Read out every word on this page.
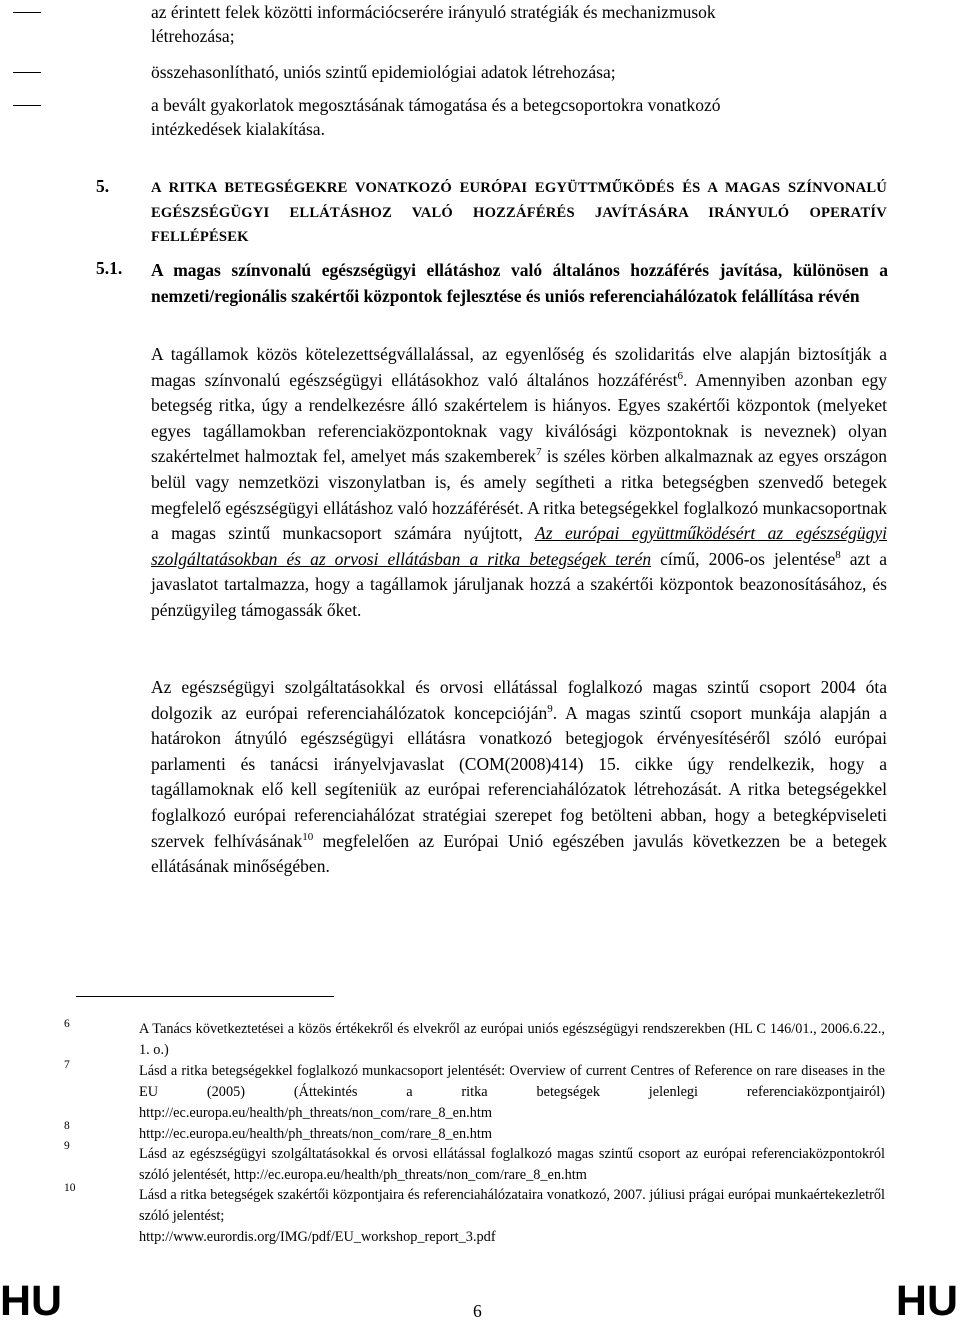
az érintett felek közötti információcserére irányuló stratégiák és mechanizmusok
létrehozása;
összehasonlítható, uniós szintű epidemiológiai adatok létrehozása;
a bevált gyakorlatok megosztásának támogatása és a betegcsoportokra vonatkozó
intézkedések kialakítása.
5.	A RITKA BETEGSÉGEKRE VONATKOZÓ EURÓPAI EGYÜTTMŰKÖDÉS ÉS A MAGAS SZÍNVONALÚ EGÉSZSÉGÜGYI ELLÁTÁSHOZ VALÓ HOZZÁFÉRÉS JAVÍTÁSÁRA IRÁNYULÓ OPERATÍV FELLÉPÉSEK
5.1. A magas színvonalú egészségügyi ellátáshoz való általános hozzáférés javítása, különösen a nemzeti/regionális szakértői központok fejlesztése és uniós referenciahálózatok felállítása révén
A tagállamok közös kötelezettségvállalással, az egyenlőség és szolidaritás elve alapján biztosítják a magas színvonalú egészségügyi ellátásokhoz való általános hozzáférést$^6$. Amennyiben azonban egy betegség ritka, úgy a rendelkezésre álló szakértelem is hiányos. Egyes szakértői központok (melyeket egyes tagállamokban referenciaközpontoknak vagy kiválósági központoknak is neveznek) olyan szakértelmet halmoztak fel, amelyet más szakemberek$^7$ is széles körben alkalmaznak az egyes országon belül vagy nemzetközi viszonylatban is, és amely segítheti a ritka betegségben szenvedő betegek megfelelő egészségügyi ellátáshoz való hozzáférését. A ritka betegségekkel foglalkozó munkacsoportnak a magas szintű munkacsoport számára nyújtott, Az európai együttműködésért az egészségügyi szolgáltatásokban és az orvosi ellátásban a ritka betegségek terén című, 2006-os jelentése$^8$ azt a javaslatot tartalmazza, hogy a tagállamok járuljanak hozzá a szakértői központok beazonosításához, és pénzügyileg támogassák őket.
Az egészségügyi szolgáltatásokkal és orvosi ellátással foglalkozó magas szintű csoport 2004 óta dolgozik az európai referenciahálózatok koncepcióján$^9$. A magas szintű csoport munkája alapján a határokon átnyúló egészségügyi ellátásra vonatkozó betegjogok érvényesítéséről szóló európai parlamenti és tanácsi irányelvjavaslat (COM(2008)414) 15. cikke úgy rendelkezik, hogy a tagállamoknak elő kell segíteniük az európai referenciahálózatok létrehozását. A ritka betegségekkel foglalkozó európai referenciahálózat stratégiai szerepet fog betölteni abban, hogy a betegképviseleti szervek felhívásának$^{10}$ megfelelően az Európai Unió egészében javulás következzen be a betegek ellátásának minőségében.
6	A Tanács következtetései a közös értékekről és elvekről az európai uniós egészségügyi rendszerekben (HL C 146/01., 2006.6.22., 1. o.)
7	Lásd a ritka betegségekkel foglalkozó munkacsoport jelentését: Overview of current Centres of Reference on rare diseases in the EU (2005) (Áttekintés a ritka betegségek jelenlegi referenciaközpontjairól) http://ec.europa.eu/health/ph_threats/non_com/rare_8_en.htm
8	http://ec.europa.eu/health/ph_threats/non_com/rare_8_en.htm
9	Lásd az egészségügyi szolgáltatásokkal és orvosi ellátással foglalkozó magas szintű csoport az európai referenciaközpontokról szóló jelentését, http://ec.europa.eu/health/ph_threats/non_com/rare_8_en.htm
10	Lásd a ritka betegségek szakértői központjaira és referenciahálózataira vonatkozó, 2007. júliusi prágai európai munkaértekezletről szóló jelentést;
http://www.eurordis.org/IMG/pdf/EU_workshop_report_3.pdf
HU	6	HU
